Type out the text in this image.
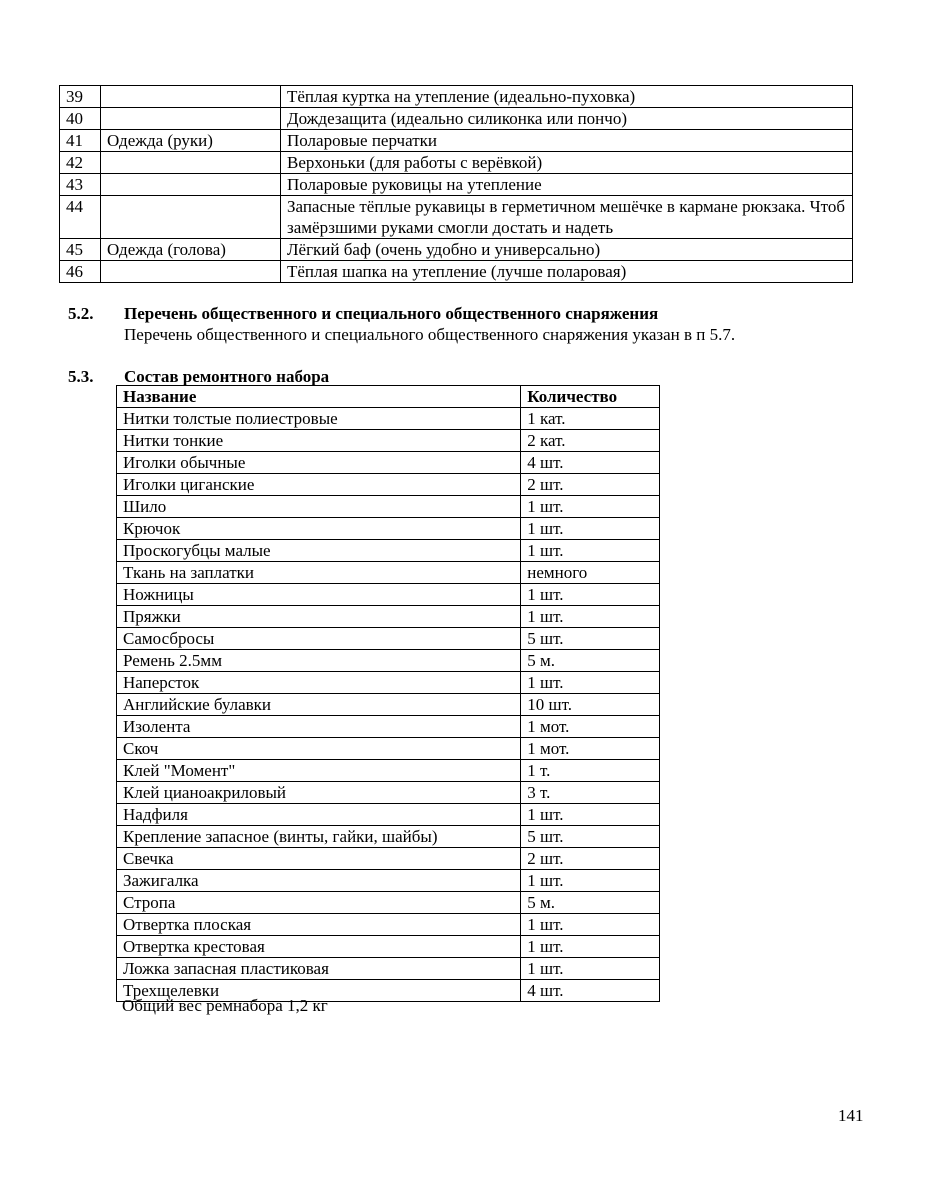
39		Тёплая куртка на утепление (идеально-пуховка)
40		Дождезащита (идеально силиконка или пончо)
41	Одежда (руки)	Поларовые перчатки
42		Верхоньки (для работы с верёвкой)
43		Поларовые руковицы на утепление
44		Запасные тёплые рукавицы в герметичном мешёчке в кармане рюкзака. Чтоб замёрзшими руками смогли достать и надеть
45	Одежда (голова)	Лёгкий баф (очень удобно и универсально)
46		Тёплая шапка на утепление (лучше поларовая)
5.2. Перечень общественного и специального общественного снаряжения
Перечень общественного и специального общественного снаряжения указан в п 5.7.
5.3. Состав ремонтного набора
Название	Количество
Нитки толстые полиестровые	1 кат.
Нитки тонкие	2 кат.
Иголки обычные	4 шт.
Иголки циганские	2 шт.
Шило	1 шт.
Крючок	1 шт.
Проскогубцы малые	1 шт.
Ткань на заплатки	немного
Ножницы	1 шт.
Пряжки	1 шт.
Самосбросы	5 шт.
Ремень 2.5мм	5 м.
Наперсток	1 шт.
Английские булавки	10 шт.
Изолента	1 мот.
Скоч	1 мот.
Клей "Момент"	1 т.
Клей цианоакриловый	3 т.
Надфиля	1 шт.
Крепление запасное (винты, гайки, шайбы)	5 шт.
Свечка	2 шт.
Зажигалка	1 шт.
Стропа	5 м.
Отвертка плоская	1 шт.
Отвертка крестовая	1 шт.
Ложка запасная пластиковая	1 шт.
Трехщелевки	4 шт.
Общий вес ремнабора 1,2 кг
141
